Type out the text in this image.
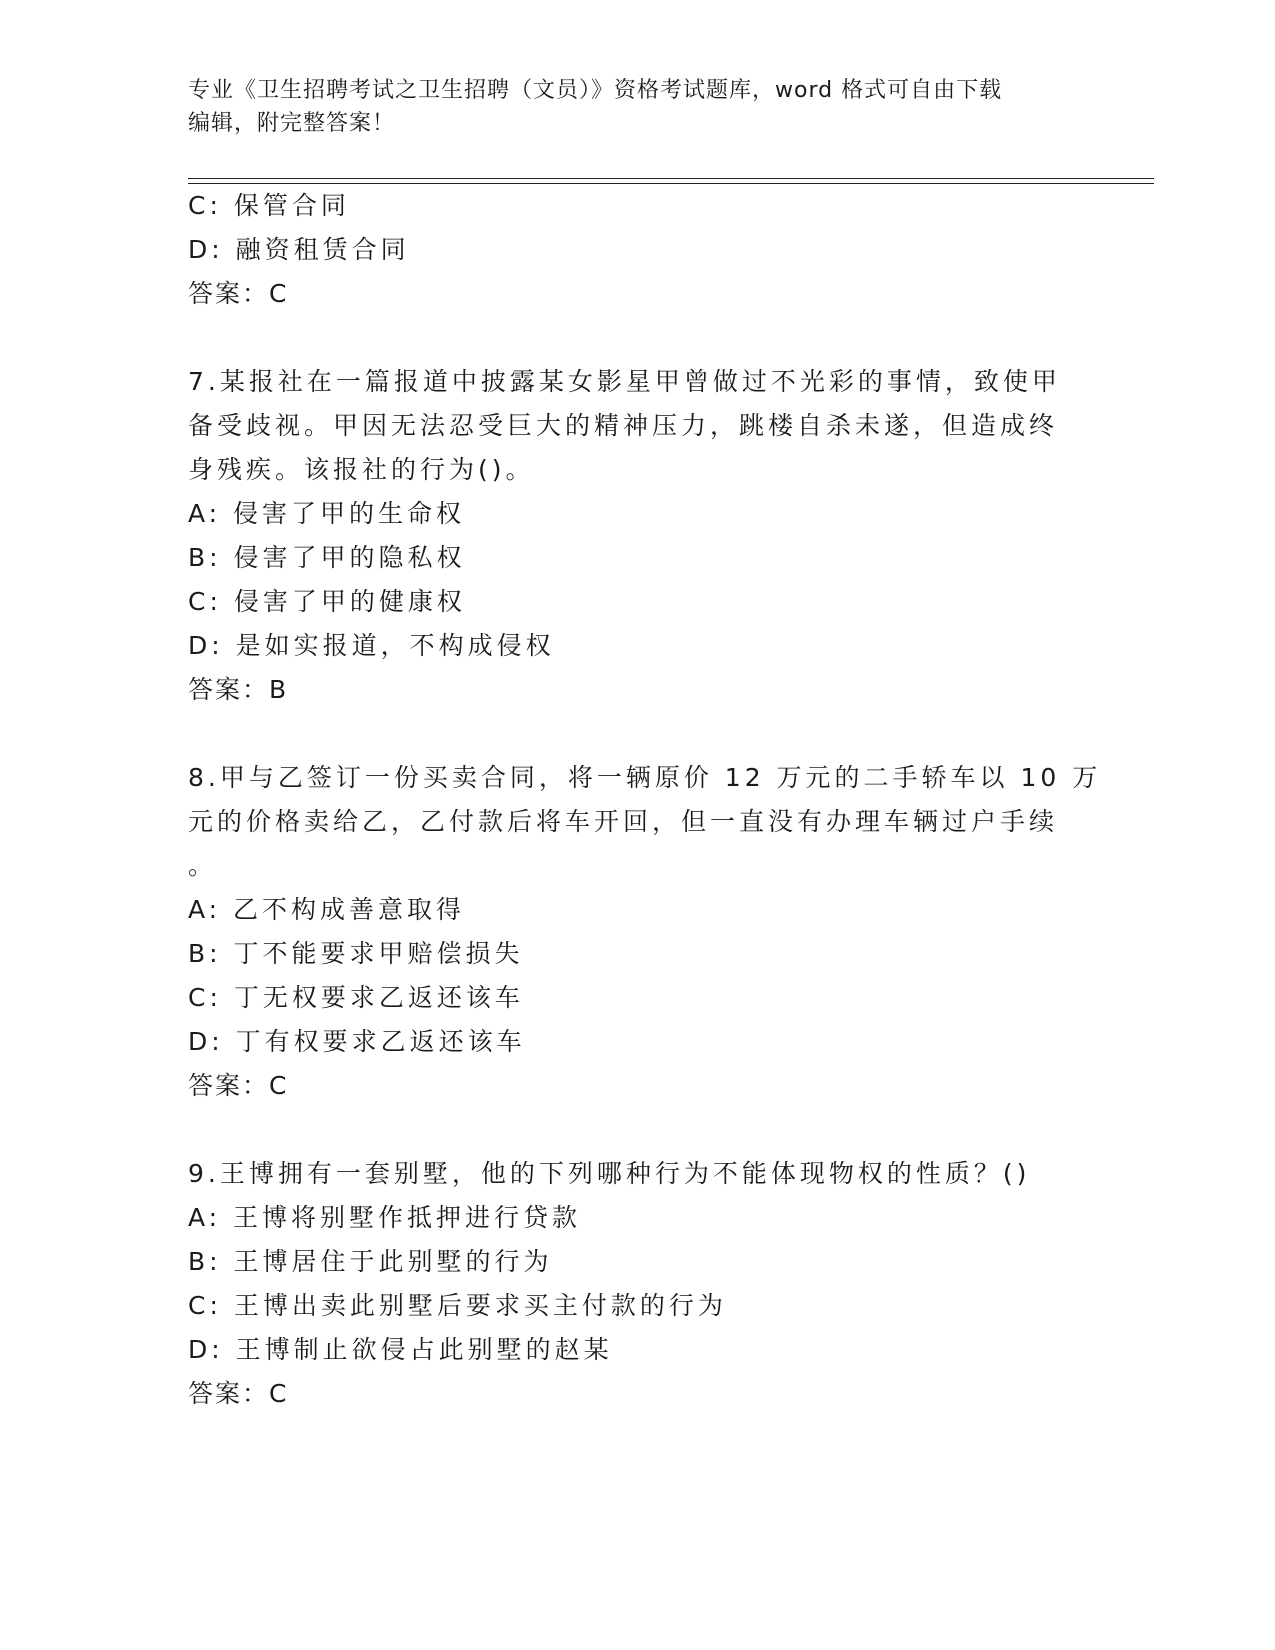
专业《卫生招聘考试之卫生招聘（文员）》资格考试题库，word 格式可自由下载
编辑，附完整答案！
C: 保管合同
D: 融资租赁合同
答案：C
7.某报社在一篇报道中披露某女影星甲曾做过不光彩的事情，致使甲
备受歧视。甲因无法忍受巨大的精神压力，跳楼自杀未遂，但造成终
身残疾。该报社的行为()。
A: 侵害了甲的生命权
B: 侵害了甲的隐私权
C: 侵害了甲的健康权
D: 是如实报道，不构成侵权
答案：B
8.甲与乙签订一份买卖合同，将一辆原价 12 万元的二手轿车以 10 万
元的价格卖给乙，乙付款后将车开回，但一直没有办理车辆过户手续
。
A: 乙不构成善意取得
B: 丁不能要求甲赔偿损失
C: 丁无权要求乙返还该车
D: 丁有权要求乙返还该车
答案：C
9.王博拥有一套别墅，他的下列哪种行为不能体现物权的性质？()
A: 王博将别墅作抵押进行贷款
B: 王博居住于此别墅的行为
C: 王博出卖此别墅后要求买主付款的行为
D: 王博制止欲侵占此别墅的赵某
答案：C
